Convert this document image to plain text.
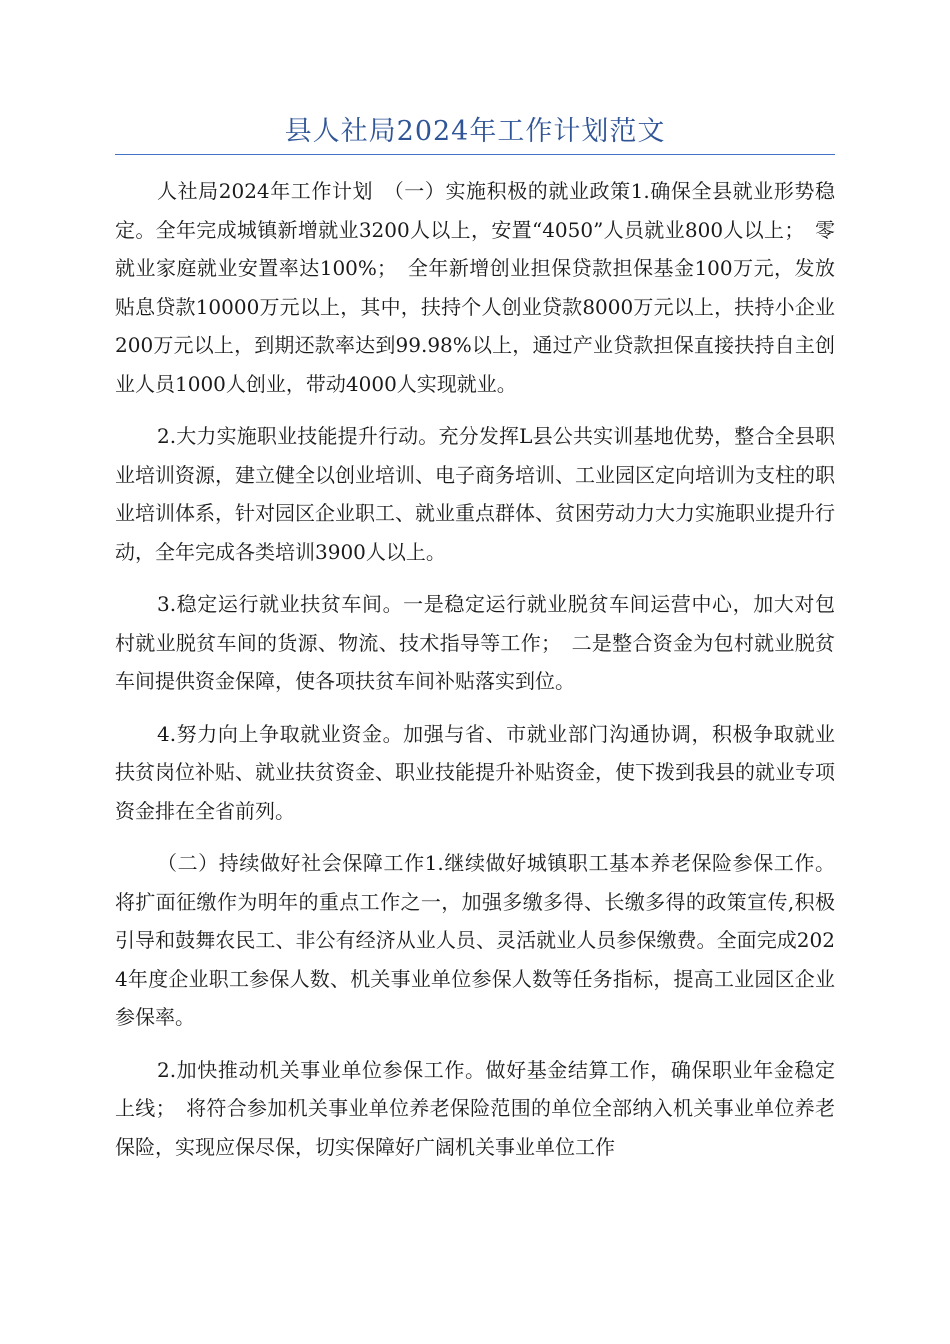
县人社局2024年工作计划范文

人社局2024年工作计划　（一）实施积极的就业政策1.确保全县就业形势稳定。全年完成城镇新增就业3200人以上，安置“4050”人员就业800人以上；　零就业家庭就业安置率达100%；　全年新增创业担保贷款担保基金100万元，发放贴息贷款10000万元以上，其中，扶持个人创业贷款8000万元以上，扶持小企业200万元以上，到期还款率达到99.98%以上，通过产业贷款担保直接扶持自主创业人员1000人创业，带动4000人实现就业。

2.大力实施职业技能提升行动。充分发挥L县公共实训基地优势，整合全县职业培训资源，建立健全以创业培训、电子商务培训、工业园区定向培训为支柱的职业培训体系，针对园区企业职工、就业重点群体、贫困劳动力大力实施职业提升行动，全年完成各类培训3900人以上。

3.稳定运行就业扶贫车间。一是稳定运行就业脱贫车间运营中心，加大对包村就业脱贫车间的货源、物流、技术指导等工作；　二是整合资金为包村就业脱贫车间提供资金保障，使各项扶贫车间补贴落实到位。

4.努力向上争取就业资金。加强与省、市就业部门沟通协调，积极争取就业扶贫岗位补贴、就业扶贫资金、职业技能提升补贴资金，使下拨到我县的就业专项资金排在全省前列。

（二）持续做好社会保障工作1.继续做好城镇职工基本养老保险参保工作。将扩面征缴作为明年的重点工作之一，加强多缴多得、长缴多得的政策宣传,积极引导和鼓舞农民工、非公有经济从业人员、灵活就业人员参保缴费。全面完成2024年度企业职工参保人数、机关事业单位参保人数等任务指标，提高工业园区企业参保率。

2.加快推动机关事业单位参保工作。做好基金结算工作，确保职业年金稳定上线；　将符合参加机关事业单位养老保险范围的单位全部纳入机关事业单位养老保险，实现应保尽保，切实保障好广阔机关事业单位工作
